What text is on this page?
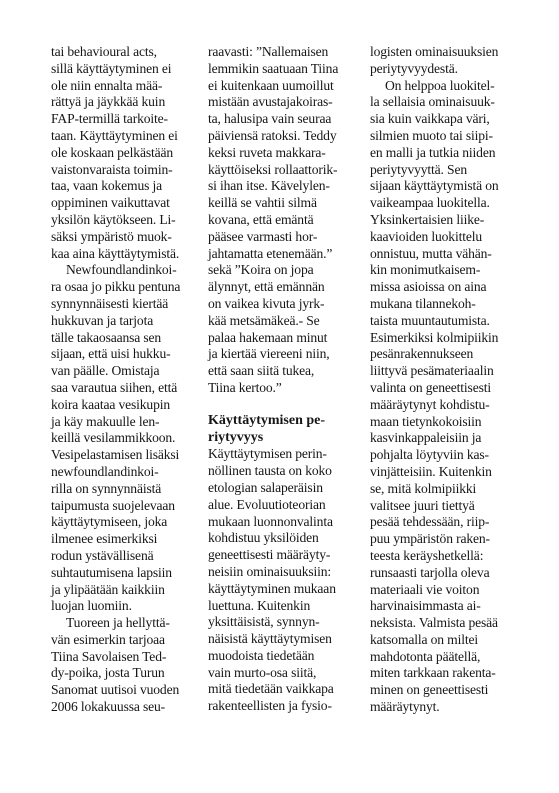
tai behavioural acts,
sillä käyttäytyminen ei
ole niin ennalta mää-
rättyä ja jäykkää kuin
FAP-termillä tarkoite-
taan. Käyttäytyminen ei
ole koskaan pelkästään
vaistonvaraista toimin-
taa, vaan kokemus ja
oppiminen vaikuttavat
yksilön käytökseen. Li-
säksi ympäristö muok-
kaa aina käyttäytymistä.
Newfoundlandinkoi-
ra osaa jo pikku pentuna
synnynnäisesti kiertää
hukkuvan ja tarjota
tälle takaosaansa sen
sijaan, että uisi hukku-
van päälle. Omistaja
saa varautua siihen, että
koira kaataa vesikupin
ja käy makuulle len-
keillä vesilammikkoon.
Vesipelastamisen lisäksi
newfoundlandinkoi-
rilla on synnynnäistä
taipumusta suojelevaan
käyttäytymiseen, joka
ilmenee esimerkiksi
rodun ystävällisenä
suhtautumisena lapsiin
ja ylipäätään kaikkiin
luojan luomiin.
Tuoreen ja hellyttä-
vän esimerkin tarjoaa
Tiina Savolaisen Ted-
dy-poika, josta Turun
Sanomat uutisoi vuoden
2006 lokakuussa seu-
raavasti: ”Nallemaisen
lemmikin saatuaan Tiina
ei kuitenkaan uumoillut
mistään avustajakoiras-
ta, halusipa vain seuraa
päiviensä ratoksi. Teddy
keksi ruveta makkara-
käyttöiseksi rollaattorik-
si ihan itse. Kävelylen-
keillä se vahtii silmä
kovana, että emäntä
pääsee varmasti hor-
jahtamatta etenemään.”
sekä ”Koira on jopa
älynnyt, että emännän
on vaikea kivuta jyrk-
kää metsämäkeä.- Se
palaa hakemaan minut
ja kiertää viereeni niin,
että saan siitä tukea,
Tiina kertoo.”
Käyttäytymisen pe-
riytyvyys
Käyttäytymisen perin-
nöllinen tausta on koko
etologian salaperäisin
alue. Evoluutioteorian
mukaan luonnonvalinta
kohdistuu yksilöiden
geneettisesti määräyty-
neisiin ominaisuuksiin:
käyttäytyminen mukaan
luettuna. Kuitenkin
yksittäisistä, synnyn-
näisistä käyttäytymisen
muodoista tiedetään
vain murto-osa siitä,
mitä tiedetään vaikkapa
rakenteellisten ja fysio-
logisten ominaisuuksien
periytyvyydestä.
On helppoa luokitel-
la sellaisia ominaisuuk-
sia kuin vaikkapa väri,
silmien muoto tai siipi-
en malli ja tutkia niiden
periytyvyyttä. Sen
sijaan käyttäytymistä on
vaikeampaa luokitella.
Yksinkertaisien liike-
kaavioiden luokittelu
onnistuu, mutta vähän-
kin monimutkaisem-
missa asioissa on aina
mukana tilannekoh-
taista muuntautumista.
Esimerkiksi kolmipiikin
pesänrakennukseen
liittyvä pesämateriaalin
valinta on geneettisesti
määräytynyt kohdistu-
maan tietynkokoisiin
kasvinkappaleisiin ja
pohjalta löytyviin kas-
vinjätteisiin. Kuitenkin
se, mitä kolmipiikki
valitsee juuri tiettyä
pesää tehdessään, riip-
puu ympäristön raken-
teesta keräyshetkellä:
runsaasti tarjolla oleva
materiaali vie voiton
harvinaisimmasta ai-
neksista. Valmista pesää
katsomalla on miltei
mahdotonta päätellä,
miten tarkkaan rakenta-
minen on geneettisesti
määräytynyt.
